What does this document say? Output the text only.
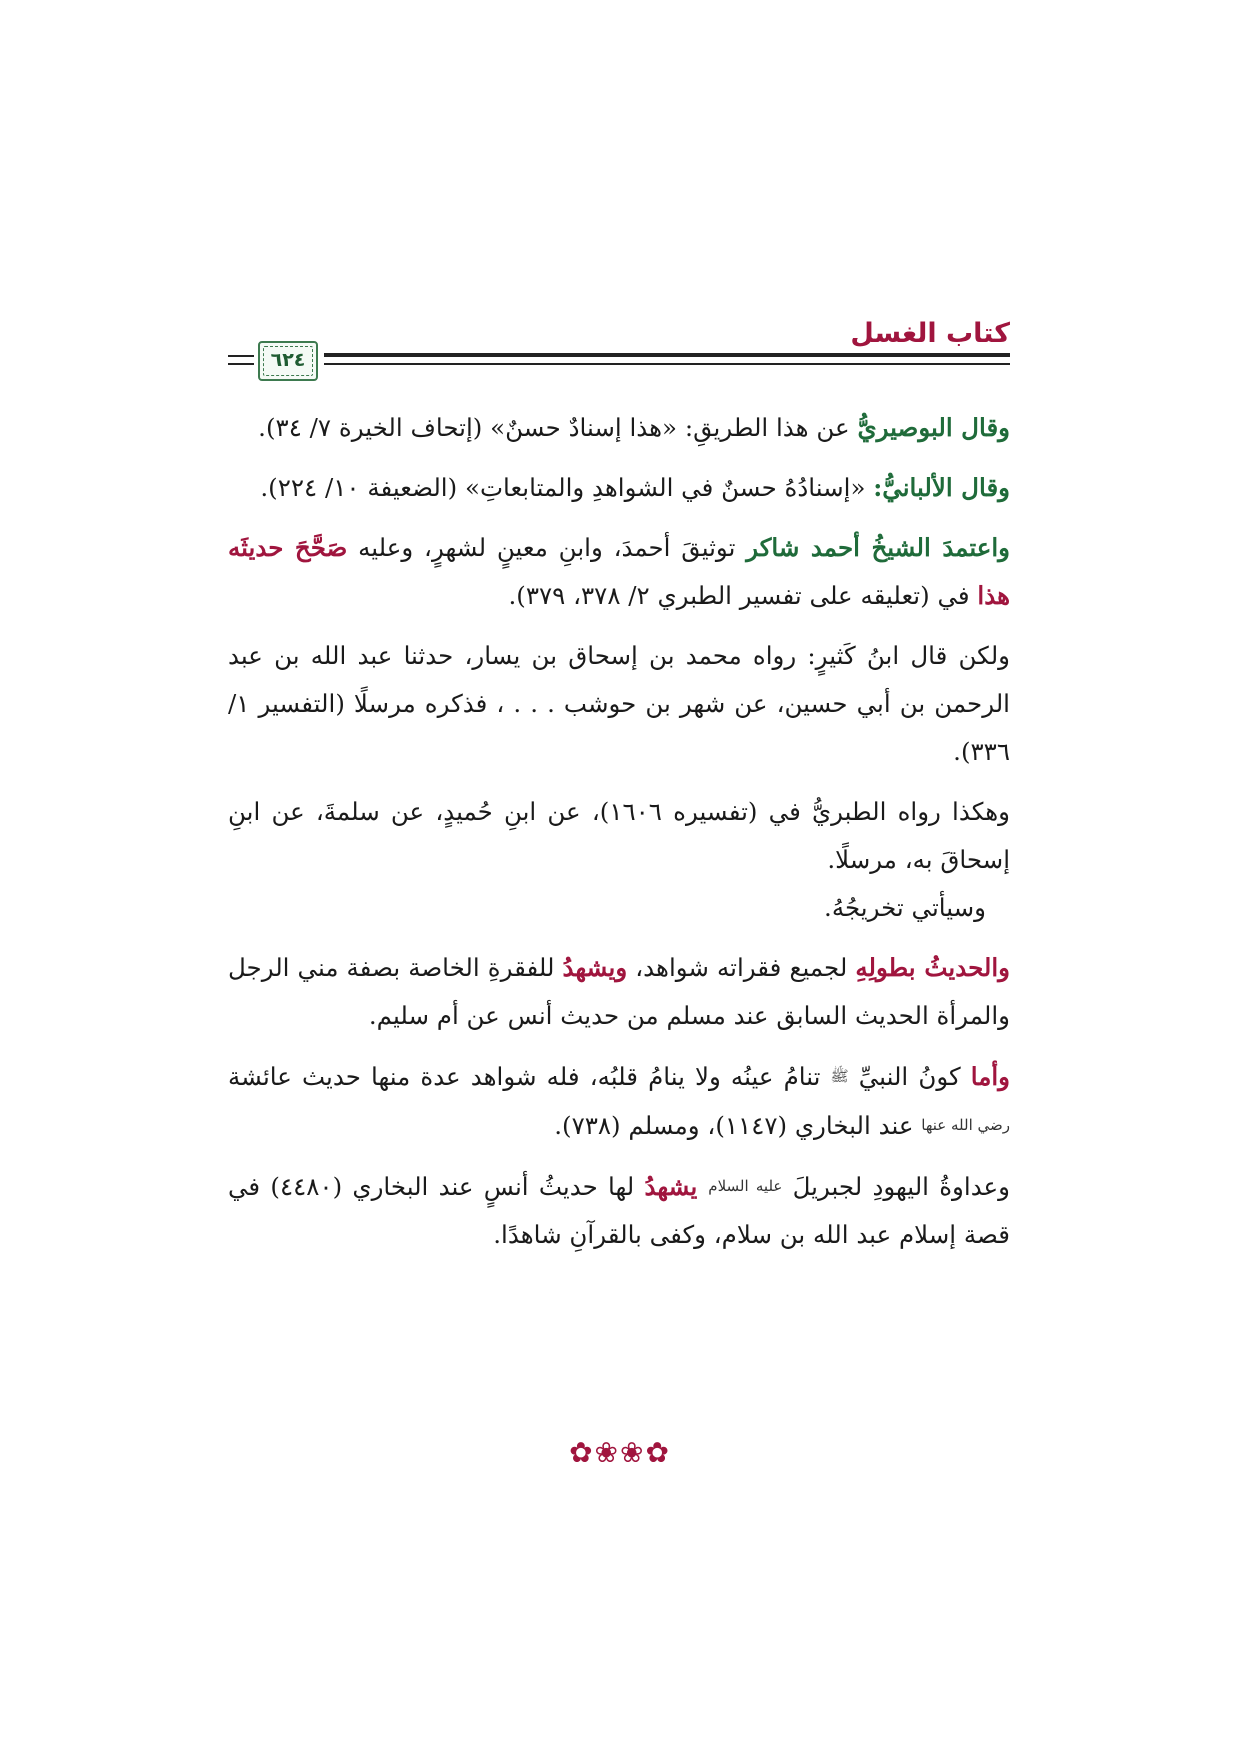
كتاب الغسل
٦٢٤

وقال البوصيريُّ عن هذا الطريقِ: «هذا إسنادٌ حسنٌ» (إتحاف الخيرة ٧/ ٣٤).

وقال الألبانيُّ: «إسنادُهُ حسنٌ في الشواهدِ والمتابعاتِ» (الضعيفة ١٠/ ٢٢٤).

واعتمدَ الشيخُ أحمد شاكر توثيقَ أحمدَ، وابنِ معينٍ لشهرٍ، وعليه صَحَّحَ حديثَه هذا في (تعليقه على تفسير الطبري ٢/ ٣٧٨، ٣٧٩).

ولكن قال ابنُ كَثيرٍ: رواه محمد بن إسحاق بن يسار، حدثنا عبد الله بن عبد الرحمن بن أبي حسين، عن شهر بن حوشب . . . ، فذكره مرسلًا (التفسير ١/ ٣٣٦).

وهكذا رواه الطبريُّ في (تفسيره ١٦٠٦)، عن ابنِ حُميدٍ، عن سلمةَ، عن ابنِ إسحاقَ به، مرسلًا.

وسيأتي تخريجُهُ.

والحديثُ بطولِهِ لجميع فقراته شواهد، ويشهدُ للفقرةِ الخاصة بصفة مني الرجل والمرأة الحديث السابق عند مسلم من حديث أنس عن أم سليم.

وأما كونُ النبيِّ ﷺ تنامُ عينُه ولا ينامُ قلبُه، فله شواهد عدة منها حديث عائشة رضي الله عنها عند البخاري (١١٤٧)، ومسلم (٧٣٨).

وعداوةُ اليهودِ لجبريلَ عليه السلام يشهدُ لها حديثُ أنسٍ عند البخاري (٤٤٨٠) في قصة إسلام عبد الله بن سلام، وكفى بالقرآنِ شاهدًا.

✿❀❀✿
